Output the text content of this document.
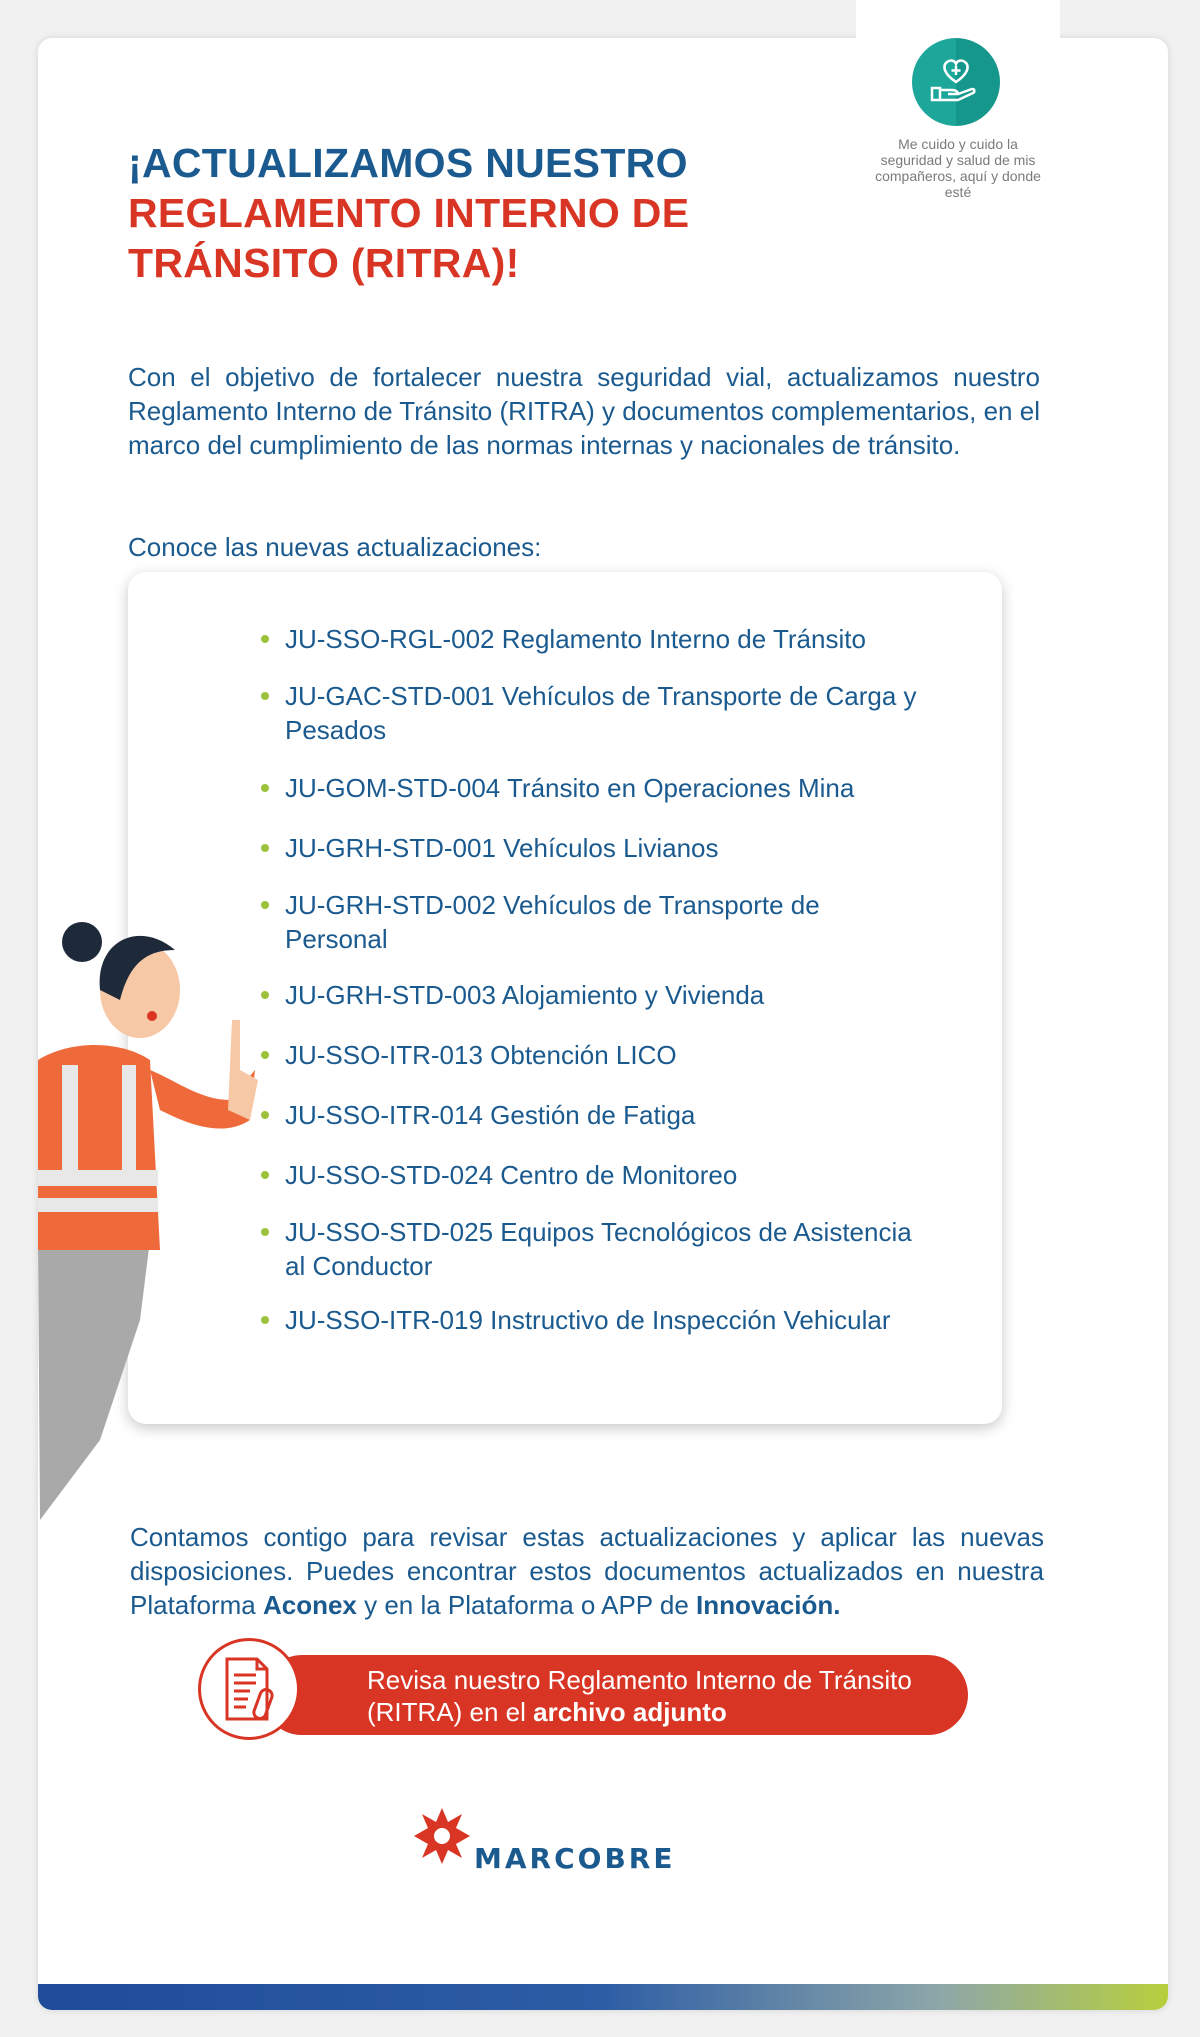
Me cuido y cuido la seguridad y salud de mis compañeros, aquí y donde esté
¡ACTUALIZAMOS NUESTRO
REGLAMENTO INTERNO DE
TRÁNSITO (RITRA)!
Con el objetivo de fortalecer nuestra seguridad vial, actualizamos nuestro Reglamento Interno de Tránsito (RITRA) y documentos complementarios, en el marco del cumplimiento de las normas internas y nacionales de tránsito.
Conoce las nuevas actualizaciones:
JU-SSO-RGL-002 Reglamento Interno de Tránsito
JU-GAC-STD-001 Vehículos de Transporte de Carga y Pesados
JU-GOM-STD-004 Tránsito en Operaciones Mina
JU-GRH-STD-001 Vehículos Livianos
JU-GRH-STD-002 Vehículos de Transporte de Personal
JU-GRH-STD-003 Alojamiento y Vivienda
JU-SSO-ITR-013 Obtención LICO
JU-SSO-ITR-014 Gestión de Fatiga
JU-SSO-STD-024 Centro de Monitoreo
JU-SSO-STD-025 Equipos Tecnológicos de Asistencia al Conductor
JU-SSO-ITR-019 Instructivo de Inspección Vehicular
Contamos contigo para revisar estas actualizaciones y aplicar las nuevas disposiciones. Puedes encontrar estos documentos actualizados en nuestra Plataforma Aconex y en la Plataforma o APP de Innovación.
Revisa nuestro Reglamento Interno de Tránsito (RITRA) en el archivo adjunto
MARCOBRE
